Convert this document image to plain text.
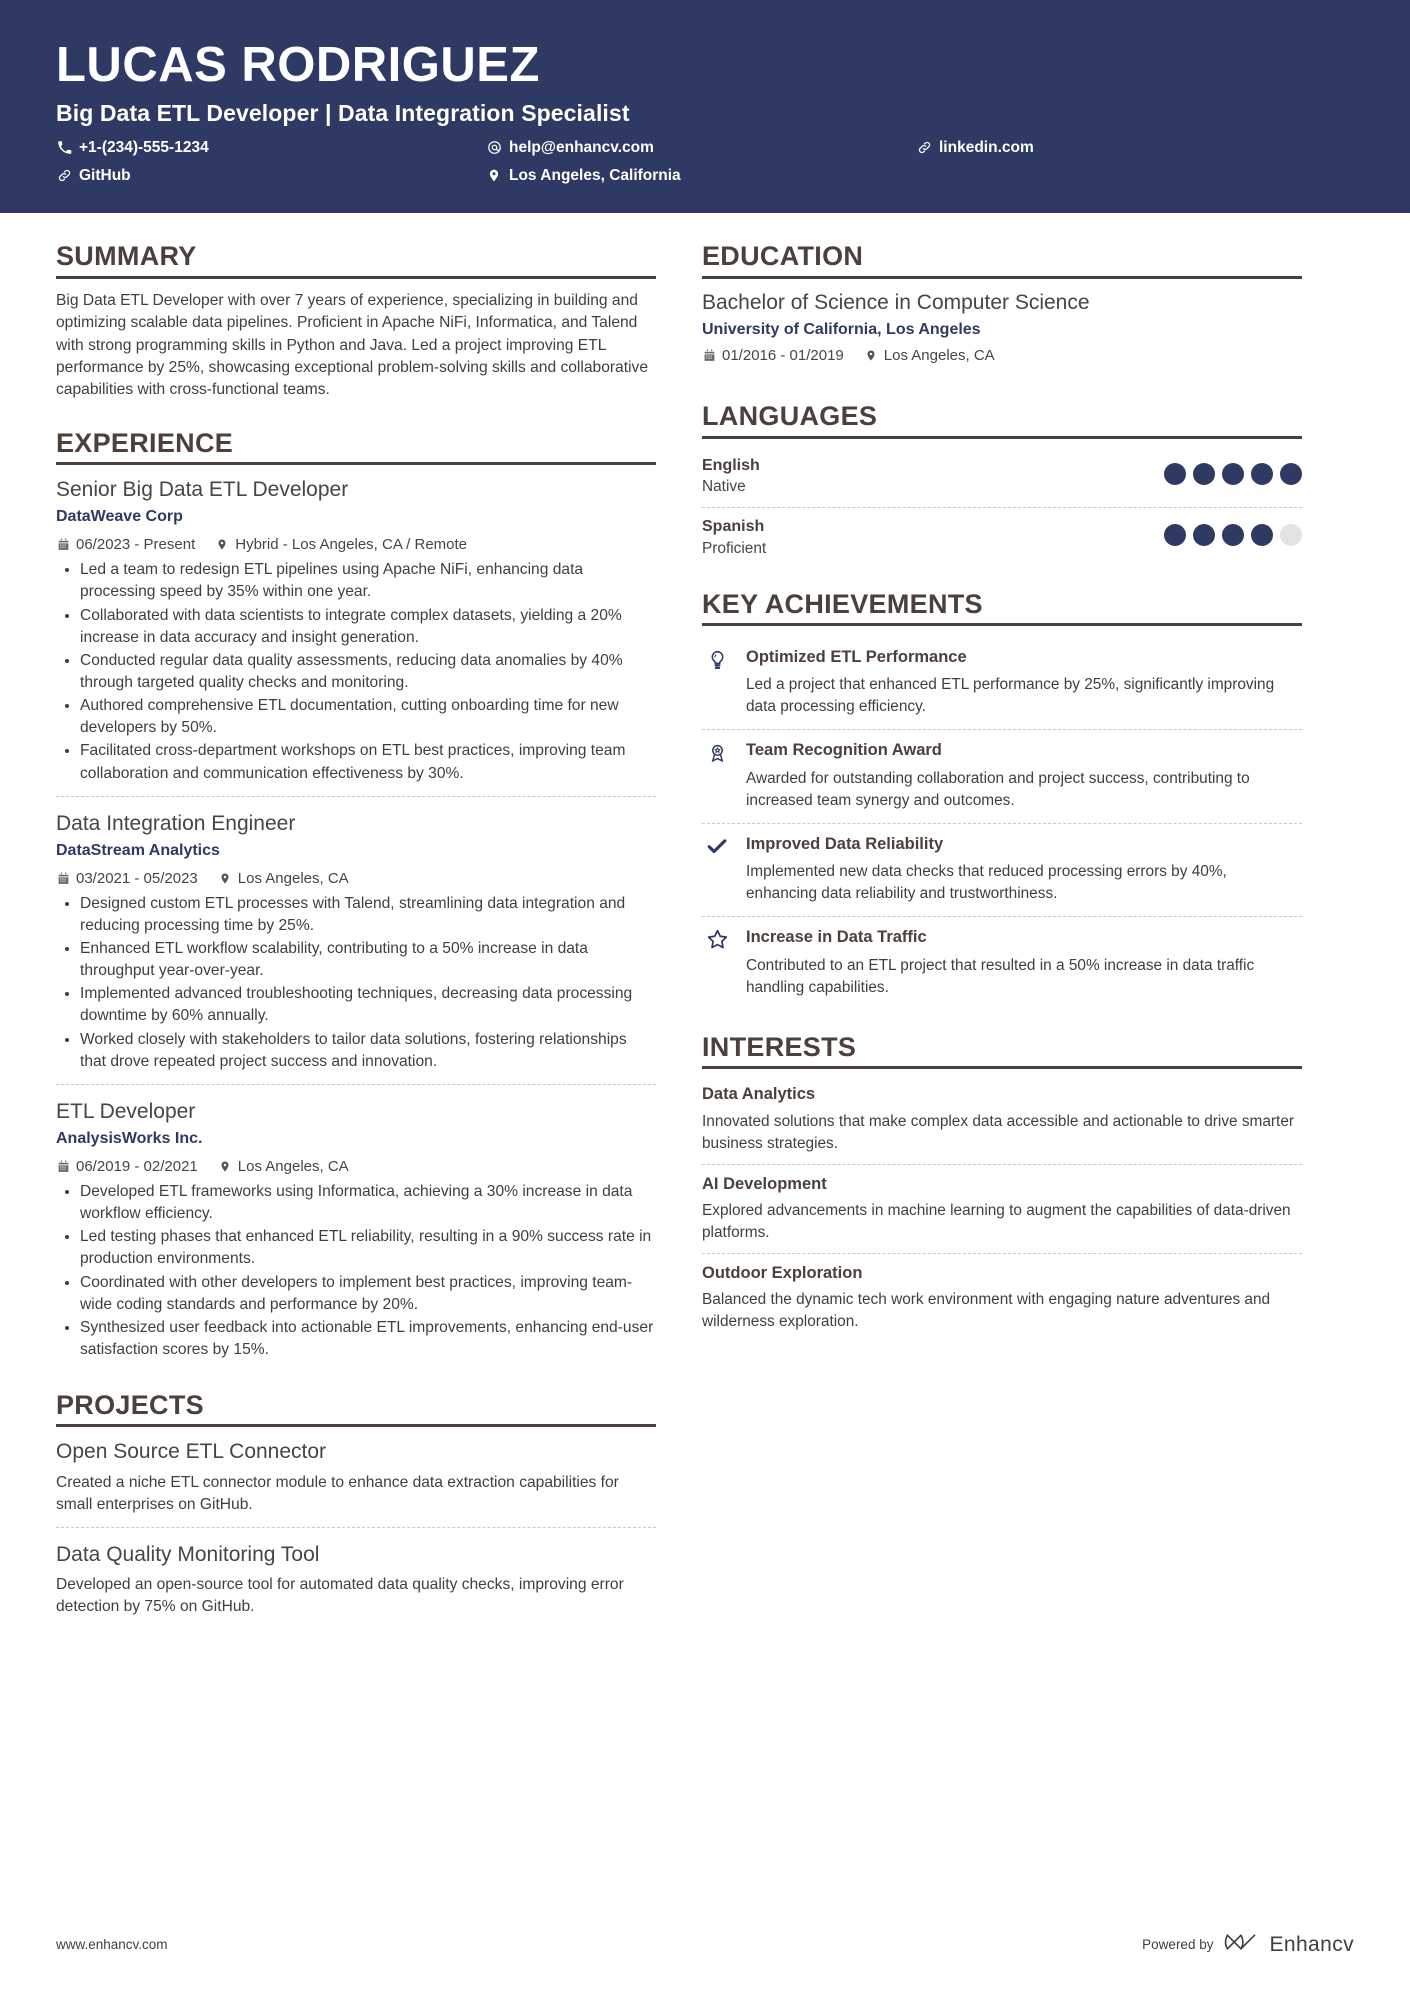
LUCAS RODRIGUEZ
Big Data ETL Developer | Data Integration Specialist
+1-(234)-555-1234	help@enhancv.com	linkedin.com
GitHub	Los Angeles, California
SUMMARY
Big Data ETL Developer with over 7 years of experience, specializing in building and optimizing scalable data pipelines. Proficient in Apache NiFi, Informatica, and Talend with strong programming skills in Python and Java. Led a project improving ETL performance by 25%, showcasing exceptional problem-solving skills and collaborative capabilities with cross-functional teams.
EXPERIENCE
Senior Big Data ETL Developer
DataWeave Corp
06/2023 - Present	Hybrid - Los Angeles, CA / Remote
Led a team to redesign ETL pipelines using Apache NiFi, enhancing data processing speed by 35% within one year.
Collaborated with data scientists to integrate complex datasets, yielding a 20% increase in data accuracy and insight generation.
Conducted regular data quality assessments, reducing data anomalies by 40% through targeted quality checks and monitoring.
Authored comprehensive ETL documentation, cutting onboarding time for new developers by 50%.
Facilitated cross-department workshops on ETL best practices, improving team collaboration and communication effectiveness by 30%.
Data Integration Engineer
DataStream Analytics
03/2021 - 05/2023	Los Angeles, CA
Designed custom ETL processes with Talend, streamlining data integration and reducing processing time by 25%.
Enhanced ETL workflow scalability, contributing to a 50% increase in data throughput year-over-year.
Implemented advanced troubleshooting techniques, decreasing data processing downtime by 60% annually.
Worked closely with stakeholders to tailor data solutions, fostering relationships that drove repeated project success and innovation.
ETL Developer
AnalysisWorks Inc.
06/2019 - 02/2021	Los Angeles, CA
Developed ETL frameworks using Informatica, achieving a 30% increase in data workflow efficiency.
Led testing phases that enhanced ETL reliability, resulting in a 90% success rate in production environments.
Coordinated with other developers to implement best practices, improving team-wide coding standards and performance by 20%.
Synthesized user feedback into actionable ETL improvements, enhancing end-user satisfaction scores by 15%.
PROJECTS
Open Source ETL Connector
Created a niche ETL connector module to enhance data extraction capabilities for small enterprises on GitHub.
Data Quality Monitoring Tool
Developed an open-source tool for automated data quality checks, improving error detection by 75% on GitHub.
EDUCATION
Bachelor of Science in Computer Science
University of California, Los Angeles
01/2016 - 01/2019	Los Angeles, CA
LANGUAGES
English
Native
Spanish
Proficient
KEY ACHIEVEMENTS
Optimized ETL Performance
Led a project that enhanced ETL performance by 25%, significantly improving data processing efficiency.
Team Recognition Award
Awarded for outstanding collaboration and project success, contributing to increased team synergy and outcomes.
Improved Data Reliability
Implemented new data checks that reduced processing errors by 40%, enhancing data reliability and trustworthiness.
Increase in Data Traffic
Contributed to an ETL project that resulted in a 50% increase in data traffic handling capabilities.
INTERESTS
Data Analytics
Innovated solutions that make complex data accessible and actionable to drive smarter business strategies.
AI Development
Explored advancements in machine learning to augment the capabilities of data-driven platforms.
Outdoor Exploration
Balanced the dynamic tech work environment with engaging nature adventures and wilderness exploration.
www.enhancv.com	Powered by	Enhancv
